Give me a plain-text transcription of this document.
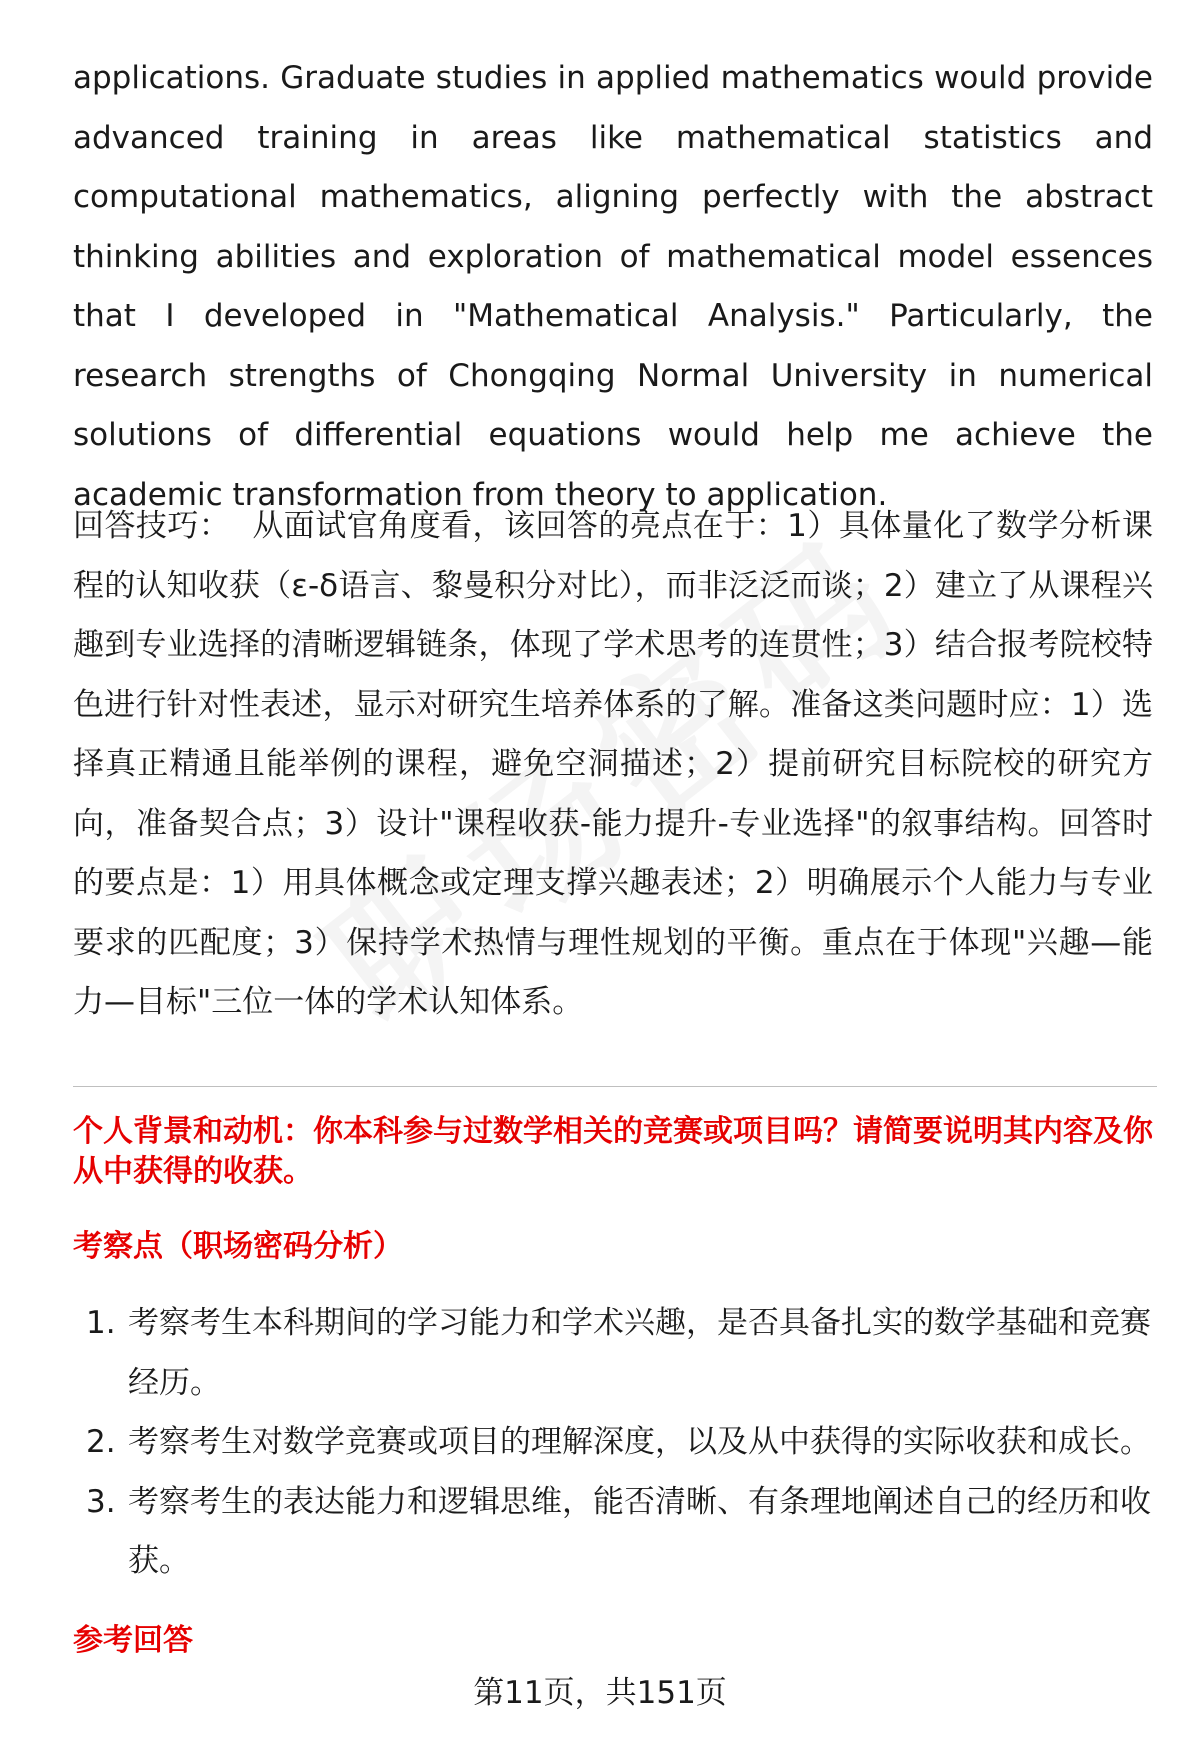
applications. Graduate studies in applied mathematics would provide advanced training in areas like mathematical statistics and computational mathematics, aligning perfectly with the abstract thinking abilities and exploration of mathematical model essences that I developed in "Mathematical Analysis." Particularly, the research strengths of Chongqing Normal University in numerical solutions of differential equations would help me achieve the academic transformation from theory to application.

回答技巧： 从面试官角度看，该回答的亮点在于：1）具体量化了数学分析课程的认知收获（ε-δ语言、黎曼积分对比），而非泛泛而谈；2）建立了从课程兴趣到专业选择的清晰逻辑链条，体现了学术思考的连贯性；3）结合报考院校特色进行针对性表述，显示对研究生培养体系的了解。准备这类问题时应：1）选择真正精通且能举例的课程，避免空洞描述；2）提前研究目标院校的研究方向，准备契合点；3）设计"课程收获-能力提升-专业选择"的叙事结构。回答时的要点是：1）用具体概念或定理支撑兴趣表述；2）明确展示个人能力与专业要求的匹配度；3）保持学术热情与理性规划的平衡。重点在于体现"兴趣—能力—目标"三位一体的学术认知体系。

个人背景和动机：你本科参与过数学相关的竞赛或项目吗？请简要说明其内容及你从中获得的收获。

考察点（职场密码分析）

1. 考察考生本科期间的学习能力和学术兴趣，是否具备扎实的数学基础和竞赛经历。
2. 考察考生对数学竞赛或项目的理解深度，以及从中获得的实际收获和成长。
3. 考察考生的表达能力和逻辑思维，能否清晰、有条理地阐述自己的经历和收获。

参考回答

第11页，共151页
